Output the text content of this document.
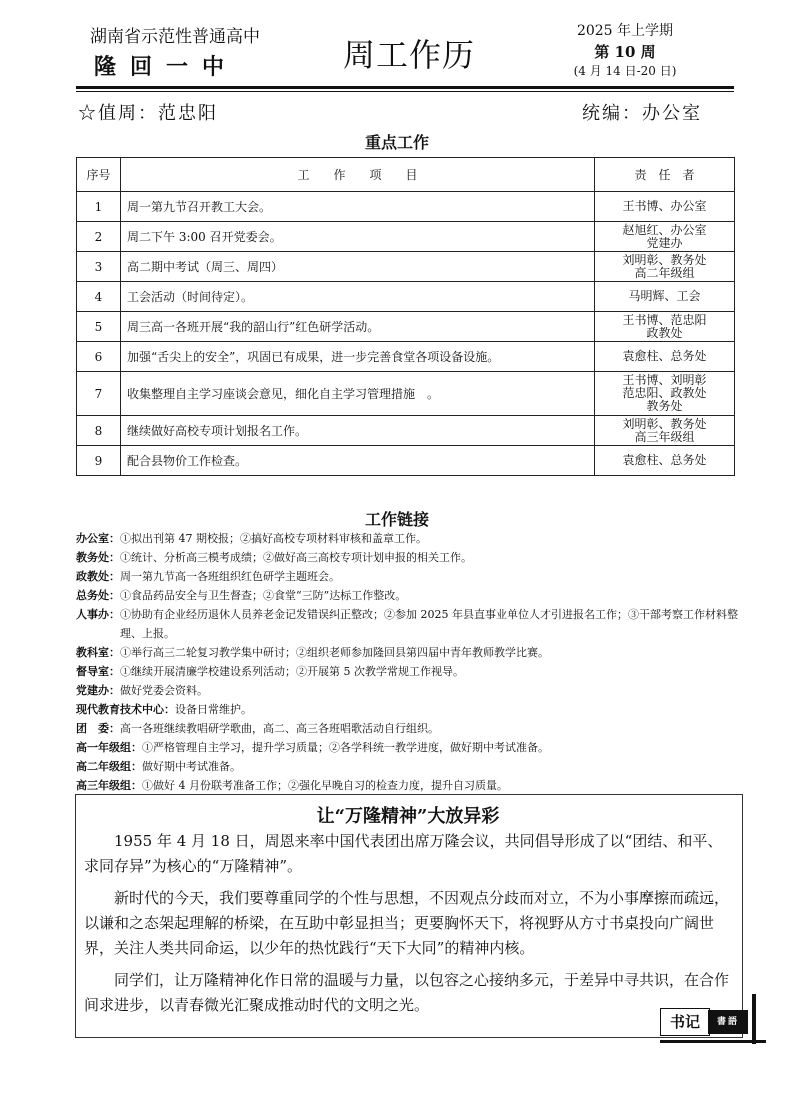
湖南省示范性普通高中
隆回一中	周工作历
2025 年上学期
第 10 周
(4 月 14 日-20 日)
☆值周：范忠阳	统编：办公室
重点工作
序号	工　　作　　项　　目	责　任　者
1	周一第九节召开教工大会。	王书博、办公室

2	周二下午 3:00 召开党委会。	赵旭红、办公室
党建办

3	高二期中考试（周三、周四）	刘明彰、教务处
高二年级组

4	工会活动（时间待定）。	马明辉、工会

5	周三高一各班开展“我的韶山行”红色研学活动。	王书博、范忠阳
政教处

6	加强“舌尖上的安全”，巩固已有成果，进一步完善食堂各项设备设施。	袁愈柱、总务处

7	收集整理自主学习座谈会意见，细化自主学习管理措施　。	王书博、刘明彰
范忠阳、政教处
教务处

8	继续做好高校专项计划报名工作。	刘明彰、教务处
高三年级组

9	配合县物价工作检查。	袁愈柱、总务处
工作链接
办公室： ①拟出刊第 47 期校报；②搞好高校专项材料审核和盖章工作。
教务处： ①统计、分析高三模考成绩；②做好高三高校专项计划申报的相关工作。
政教处： 周一第九节高一各班组织红色研学主题班会。
总务处： ①食品药品安全与卫生督查；②食堂“三防”达标工作整改。
人事办： ①协助有企业经历退休人员养老金记发错误纠正整改；②参加 2025 年县直事业单位人才引进报名工作；③干部考察工作材料整理、上报。
教科室： ①举行高三二轮复习教学集中研讨；②组织老师参加隆回县第四届中青年教师教学比赛。
督导室： ①继续开展清廉学校建设系列活动；②开展第 5 次教学常规工作视导。
党建办： 做好党委会资料。
现代教育技术中心： 设备日常维护。
团　委： 高一各班继续教唱研学歌曲，高二、高三各班唱歌活动自行组织。
高一年级组： ①严格管理自主学习，提升学习质量；②各学科统一教学进度，做好期中考试准备。
高二年级组： 做好期中考试准备。
高三年级组： ①做好 4 月份联考准备工作；②强化早晚自习的检查力度，提升自习质量。
让“万隆精神”大放异彩

1955 年 4 月 18 日，周恩来率中国代表团出席万隆会议，共同倡导形成了以“团结、和平、求同存异”为核心的“万隆精神”。

新时代的今天，我们要尊重同学的个性与思想，不因观点分歧而对立，不为小事摩擦而疏远，以谦和之态架起理解的桥梁，在互助中彰显担当；更要胸怀天下，将视野从方寸书桌投向广阔世界，关注人类共同命运，以少年的热忱践行“天下大同”的精神内核。

同学们，让万隆精神化作日常的温暖与力量，以包容之心接纳多元，于差异中寻共识，在合作间求进步，以青春微光汇聚成推动时代的文明之光。

书记	書語
